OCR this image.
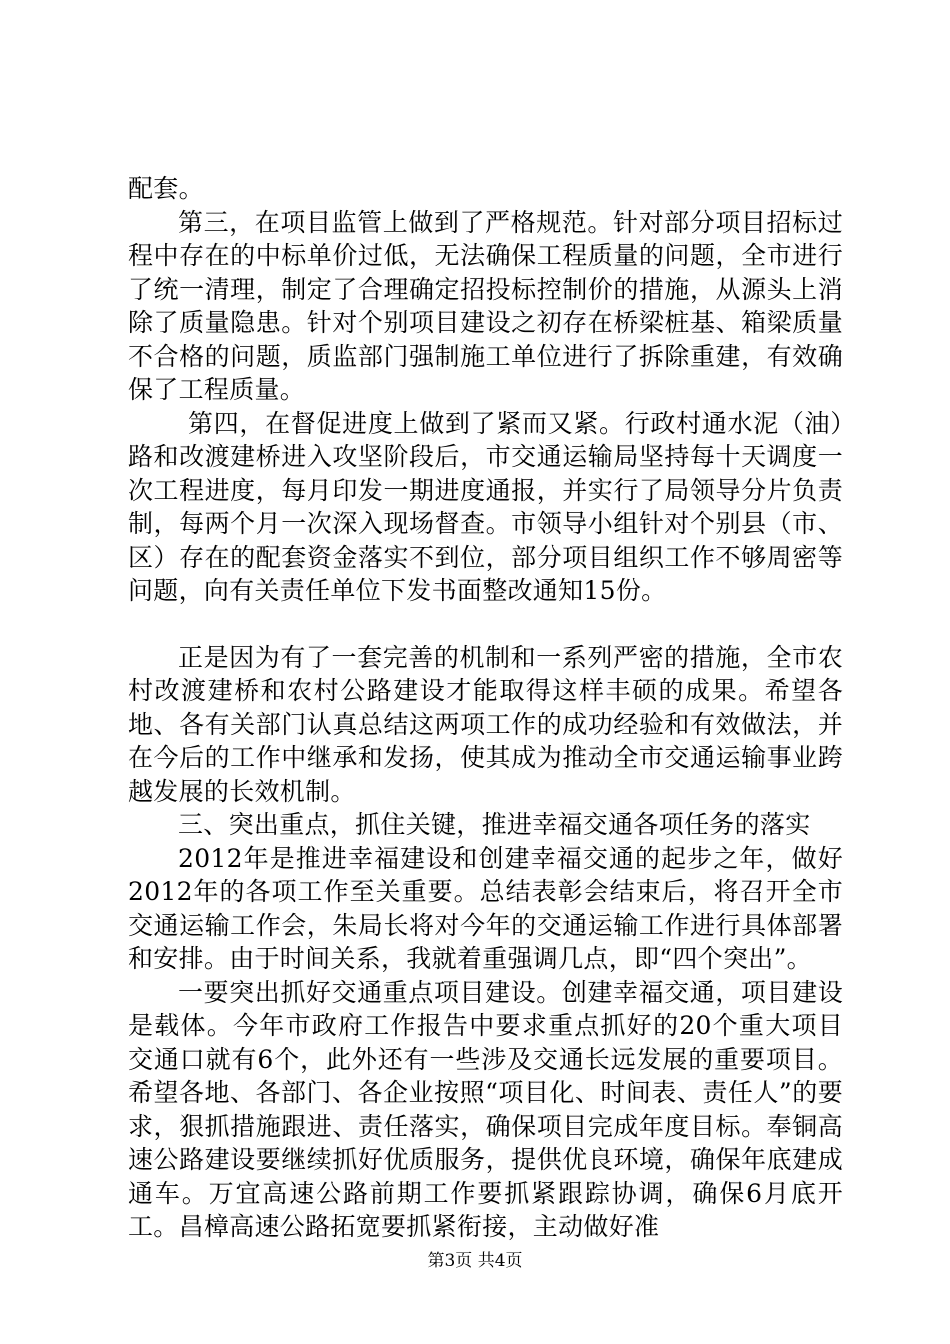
配套。

第三，在项目监管上做到了严格规范。针对部分项目招标过程中存在的中标单价过低，无法确保工程质量的问题，全市进行了统一清理，制定了合理确定招投标控制价的措施，从源头上消除了质量隐患。针对个别项目建设之初存在桥梁桩基、箱梁质量不合格的问题，质监部门强制施工单位进行了拆除重建，有效确保了工程质量。

第四，在督促进度上做到了紧而又紧。行政村通水泥（油）路和改渡建桥进入攻坚阶段后，市交通运输局坚持每十天调度一次工程进度，每月印发一期进度通报，并实行了局领导分片负责制，每两个月一次深入现场督查。市领导小组针对个别县（市、区）存在的配套资金落实不到位，部分项目组织工作不够周密等问题，向有关责任单位下发书面整改通知15份。

正是因为有了一套完善的机制和一系列严密的措施，全市农村改渡建桥和农村公路建设才能取得这样丰硕的成果。希望各地、各有关部门认真总结这两项工作的成功经验和有效做法，并在今后的工作中继承和发扬，使其成为推动全市交通运输事业跨越发展的长效机制。

三、突出重点，抓住关键，推进幸福交通各项任务的落实

2012年是推进幸福建设和创建幸福交通的起步之年，做好2012年的各项工作至关重要。总结表彰会结束后，将召开全市交通运输工作会，朱局长将对今年的交通运输工作进行具体部署和安排。由于时间关系，我就着重强调几点，即“四个突出”。

一要突出抓好交通重点项目建设。创建幸福交通，项目建设是载体。今年市政府工作报告中要求重点抓好的20个重大项目交通口就有6个，此外还有一些涉及交通长远发展的重要项目。希望各地、各部门、各企业按照“项目化、时间表、责任人”的要求，狠抓措施跟进、责任落实，确保项目完成年度目标。奉铜高速公路建设要继续抓好优质服务，提供优良环境，确保年底建成通车。万宜高速公路前期工作要抓紧跟踪协调，确保6月底开工。昌樟高速公路拓宽要抓紧衔接，主动做好准

第3页 共4页
